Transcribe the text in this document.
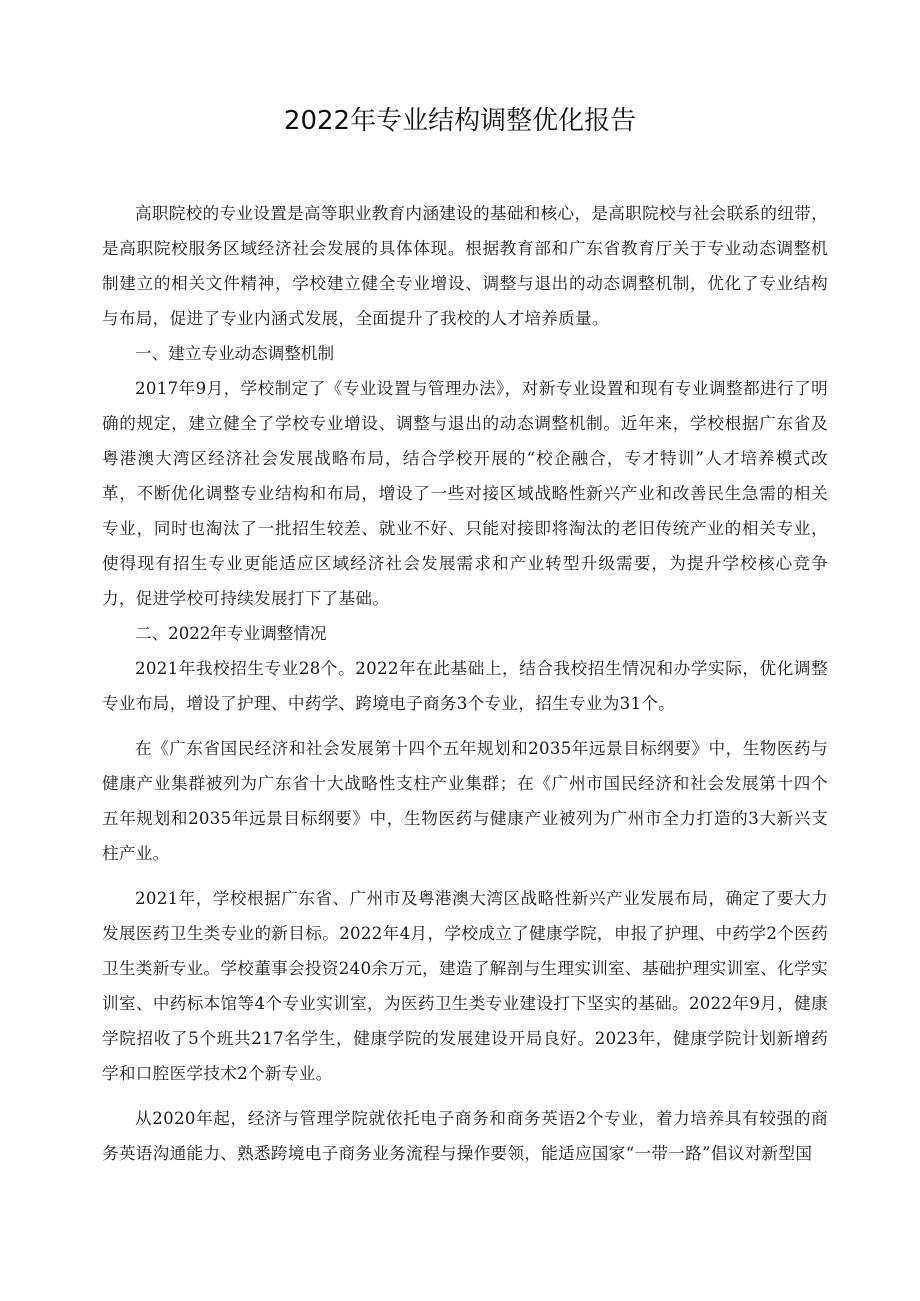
2022年专业结构调整优化报告

高职院校的专业设置是高等职业教育内涵建设的基础和核心，是高职院校与社会联系的纽带，是高职院校服务区域经济社会发展的具体体现。根据教育部和广东省教育厅关于专业动态调整机制建立的相关文件精神，学校建立健全专业增设、调整与退出的动态调整机制，优化了专业结构与布局，促进了专业内涵式发展，全面提升了我校的人才培养质量。

一、建立专业动态调整机制

2017年9月，学校制定了《专业设置与管理办法》，对新专业设置和现有专业调整都进行了明确的规定，建立健全了学校专业增设、调整与退出的动态调整机制。近年来，学校根据广东省及粤港澳大湾区经济社会发展战略布局，结合学校开展的“校企融合，专才特训”人才培养模式改革，不断优化调整专业结构和布局，增设了一些对接区域战略性新兴产业和改善民生急需的相关专业，同时也淘汰了一批招生较差、就业不好、只能对接即将淘汰的老旧传统产业的相关专业，使得现有招生专业更能适应区域经济社会发展需求和产业转型升级需要，为提升学校核心竞争力，促进学校可持续发展打下了基础。

二、2022年专业调整情况

2021年我校招生专业28个。2022年在此基础上，结合我校招生情况和办学实际，优化调整专业布局，增设了护理、中药学、跨境电子商务3个专业，招生专业为31个。

在《广东省国民经济和社会发展第十四个五年规划和2035年远景目标纲要》中，生物医药与健康产业集群被列为广东省十大战略性支柱产业集群；在《广州市国民经济和社会发展第十四个五年规划和2035年远景目标纲要》中，生物医药与健康产业被列为广州市全力打造的3大新兴支柱产业。

2021年，学校根据广东省、广州市及粤港澳大湾区战略性新兴产业发展布局，确定了要大力发展医药卫生类专业的新目标。2022年4月，学校成立了健康学院，申报了护理、中药学2个医药卫生类新专业。学校董事会投资240余万元，建造了解剖与生理实训室、基础护理实训室、化学实训室、中药标本馆等4个专业实训室，为医药卫生类专业建设打下坚实的基础。2022年9月，健康学院招收了5个班共217名学生，健康学院的发展建设开局良好。2023年，健康学院计划新增药学和口腔医学技术2个新专业。

从2020年起，经济与管理学院就依托电子商务和商务英语2个专业，着力培养具有较强的商务英语沟通能力、熟悉跨境电子商务业务流程与操作要领，能适应国家“一带一路”倡议对新型国
